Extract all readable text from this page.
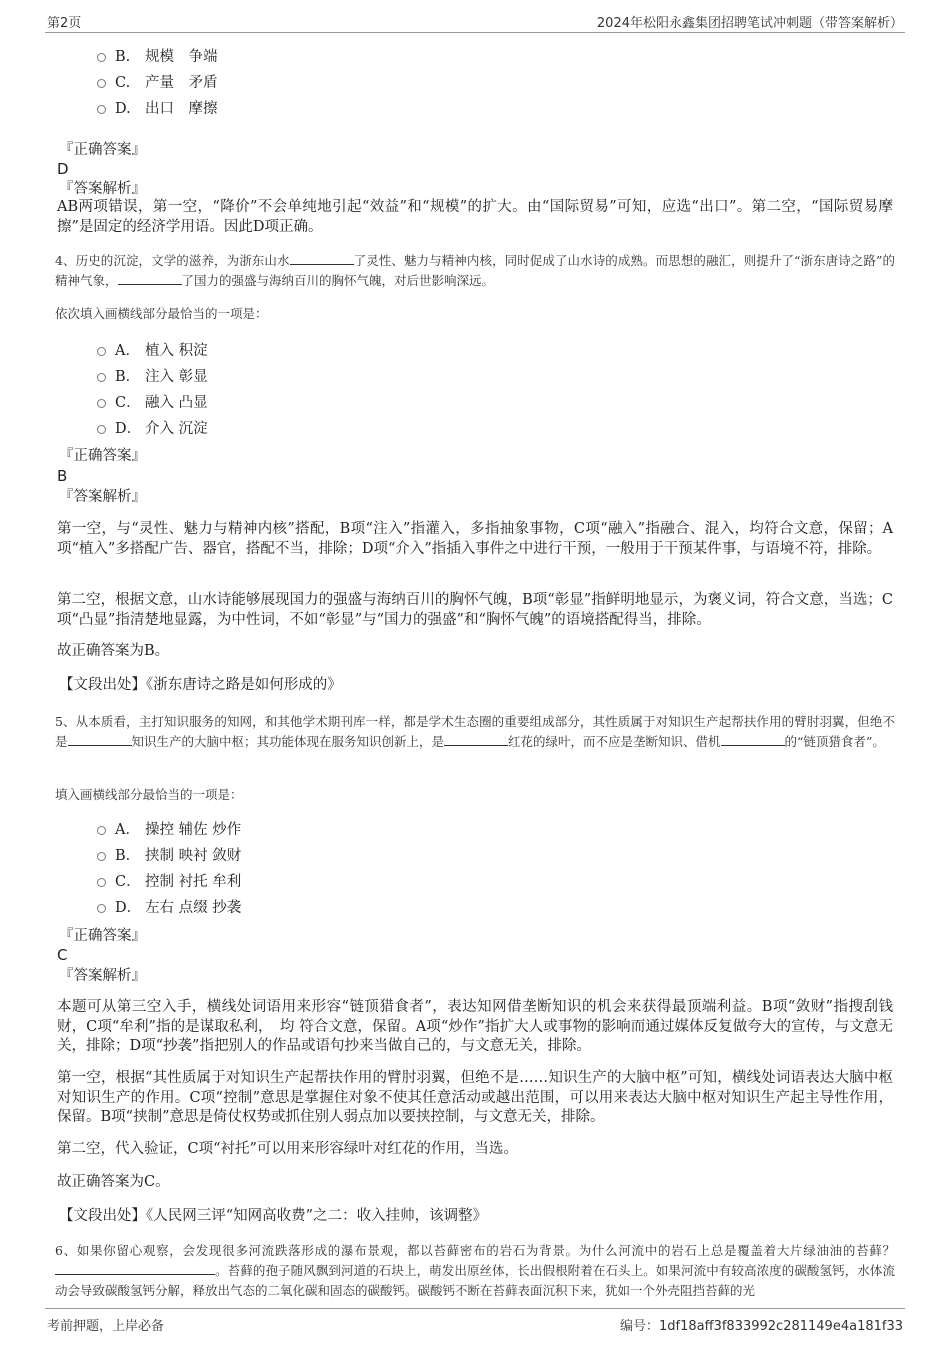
第2页	2024年松阳永鑫集团招聘笔试冲刺题（带答案解析）
B.	规模　争端
C.	产量　矛盾
D. 出口　摩擦
『正确答案』
D
『答案解析』
AB两项错误，第一空，“降价”不会单纯地引起“效益”和“规模”的扩大。由“国际贸易”可知，应选“出口”。第二空，“国际贸易摩擦”是固定的经济学用语。因此D项正确。
4、历史的沉淀，文学的滋养，为浙东山水	了灵性、魅力与精神内核，同时促成了山水诗的成熟。而思想的融汇，则提升了“浙东唐诗之路”的精神气象，	了国力的强盛与海纳百川的胸怀气魄，对后世影响深远。
依次填入画横线部分最恰当的一项是：
A． 植入 积淀
B． 注入 彰显
C． 融入 凸显
D． 介入 沉淀
『正确答案』
B
『答案解析』
第一空，与“灵性、魅力与精神内核”搭配，B项“注入”指灌入，多指抽象事物，C项“融入”指融合、混入，均符合文意，保留；A项“植入”多搭配广告、器官，搭配不当，排除；D项“介入”指插入事件之中进行干预，一般用于干预某件事，与语境不符，排除。
第二空，根据文意，山水诗能够展现国力的强盛与海纳百川的胸怀气魄，B项“彰显”指鲜明地显示，为褒义词，符合文意，当选；C项“凸显”指清楚地显露，为中性词，不如“彰显”与“国力的强盛”和“胸怀气魄”的语境搭配得当，排除。
故正确答案为B。
【文段出处】《浙东唐诗之路是如何形成的》
5、从本质看，主打知识服务的知网，和其他学术期刊库一样，都是学术生态圈的重要组成部分，其性质属于对知识生产起帮扶作用的臂肘羽翼，但绝不是	知识生产的大脑中枢；其功能体现在服务知识创新上，是	红花的绿叶，而不应是垄断知识、借机	的“链顶猎食者”。
填入画横线部分最恰当的一项是：
A． 操控 辅佐 炒作
B． 挟制 映衬 敛财
C． 控制 衬托 牟利
D． 左右 点缀 抄袭
『正确答案』
C
『答案解析』
本题可从第三空入手，横线处词语用来形容“链顶猎食者”，表达知网借垄断知识的机会来获得最顶端利益。B项“敛财”指搜刮钱财，C项“牟利”指的是谋取私利，　均 符合文意，保留。A项“炒作”指扩大人或事物的影响而通过媒体反复做夸大的宣传，与文意无关，排除；D项“抄袭”指把别人的作品或语句抄来当做自己的，与文意无关，排除。
第一空，根据“其性质属于对知识生产起帮扶作用的臂肘羽翼，但绝不是……知识生产的大脑中枢”可知，横线处词语表达大脑中枢对知识生产的作用。C项“控制”意思是掌握住对象不使其任意活动或越出范围，可以用来表达大脑中枢对知识生产起主导性作用，保留。B项“挟制”意思是倚仗权势或抓住别人弱点加以要挟控制，与文意无关，排除。
第二空，代入验证，C项“衬托”可以用来形容绿叶对红花的作用，当选。
故正确答案为C。
【文段出处】《人民网三评“知网高收费”之二：收入挂帅，该调整》
6、如果你留心观察，会发现很多河流跌落形成的瀑布景观，都以苔藓密布的岩石为背景。为什么河流中的岩石上总是覆盖着大片绿油油的苔藓？。苔藓的孢子随风飘到河道的石块上，萌发出原丝体，长出假根附着在石头上。如果河流中有较高浓度的碳酸氢钙，水体流动会导致碳酸氢钙分解，释放出气态的二氧化碳和固态的碳酸钙。碳酸钙不断在苔藓表面沉积下来，犹如一个外壳阻挡苔藓的光
考前押题，上岸必备	编号：1df18aff3f833992c281149e4a181f33
